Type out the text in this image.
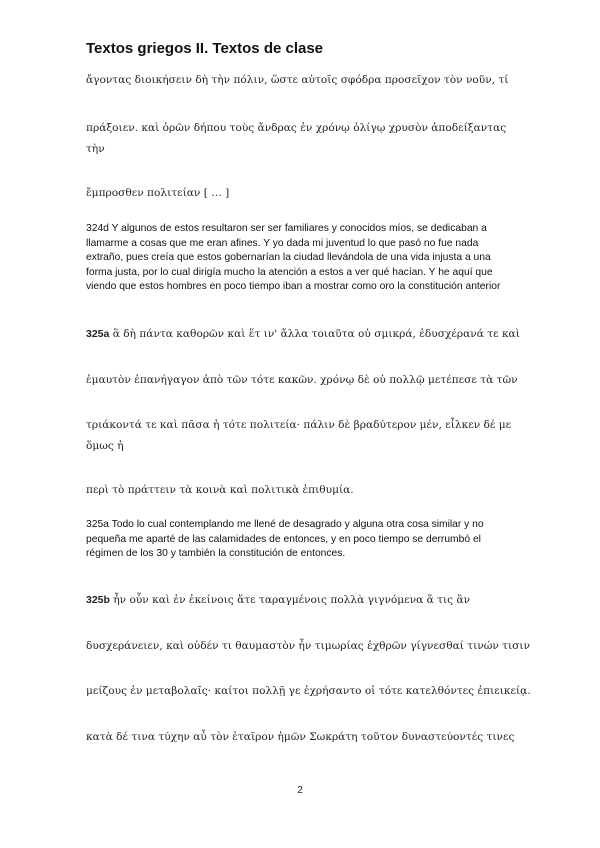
Textos griegos II. Textos de clase
ἄγοντας διοικήσειν δὴ τὴν πόλιν, ὥστε αὐτοῖς σφόδρα προσεῖχον τὸν νοῦν, τί
πράξοιεν. καὶ ὁρῶν δήπου τοὺς ἄνδρας ἐν χρόνῳ ὀλίγῳ χρυσὸν ἀποδείξαντας τὴν
ἔμπροσθεν πολιτείαν [ … ]
324d Y algunos de estos resultaron ser ser familiares y conocidos míos, se dedicaban a llamarme a cosas que me eran afines. Y yo dada mi juventud lo que pasó no fue nada extraño, pues creía que estos gobernarían la ciudad llevándola de una vida injusta a una forma justa, por lo cual dirigía mucho la atención a estos a ver qué hacían. Y he aquí que viendo que estos hombres en poco tiempo iban a mostrar como oro la constitución anterior
325a ἃ δὴ πάντα καθορῶν καὶ ἕτ ιν' ἄλλα τοιαῦτα οὐ σμικρά, ἐδυσχέρανά τε καὶ
ἐμαυτὸν ἐπανήγαγον ἀπὸ τῶν τότε κακῶν. χρόνῳ δὲ οὐ πολλῷ μετέπεσε τὰ τῶν
τριάκοντά τε καὶ πᾶσα ἡ τότε πολιτεία· πάλιν δὲ βραδύτερον μέν, εἷλκεν δέ με ὅμως ἡ
περὶ τὸ πράττειν τὰ κοινὰ καὶ πολιτικὰ ἐπιθυμία.
325a Todo lo cual contemplando me llené de desagrado y alguna otra cosa similar y no pequeña me aparté de las calamidades de entonces, y en poco tiempo se derrumbó el régimen de los 30 y también la constitución de entonces.
325b ἦν οὖν καὶ ἐν ἐκείνοις ἅτε ταραγμένοις πολλὰ γιγνόμενα ἅ τις ἂν
δυσχεράνειεν, καὶ οὐδέν τι θαυμαστὸν ἦν τιμωρίας ἐχθρῶν γίγνεσθαί τινών τισιν
μείζους ἐν μεταβολαῖς· καίτοι πολλῇ γε ἐχρήσαντο οἱ τότε κατελθόντες ἐπιεικείᾳ.
κατὰ δέ τινα τύχην αὖ τὸν ἑταῖρον ἡμῶν Σωκράτη τοῦτον δυναστεύοντές τινες
2
